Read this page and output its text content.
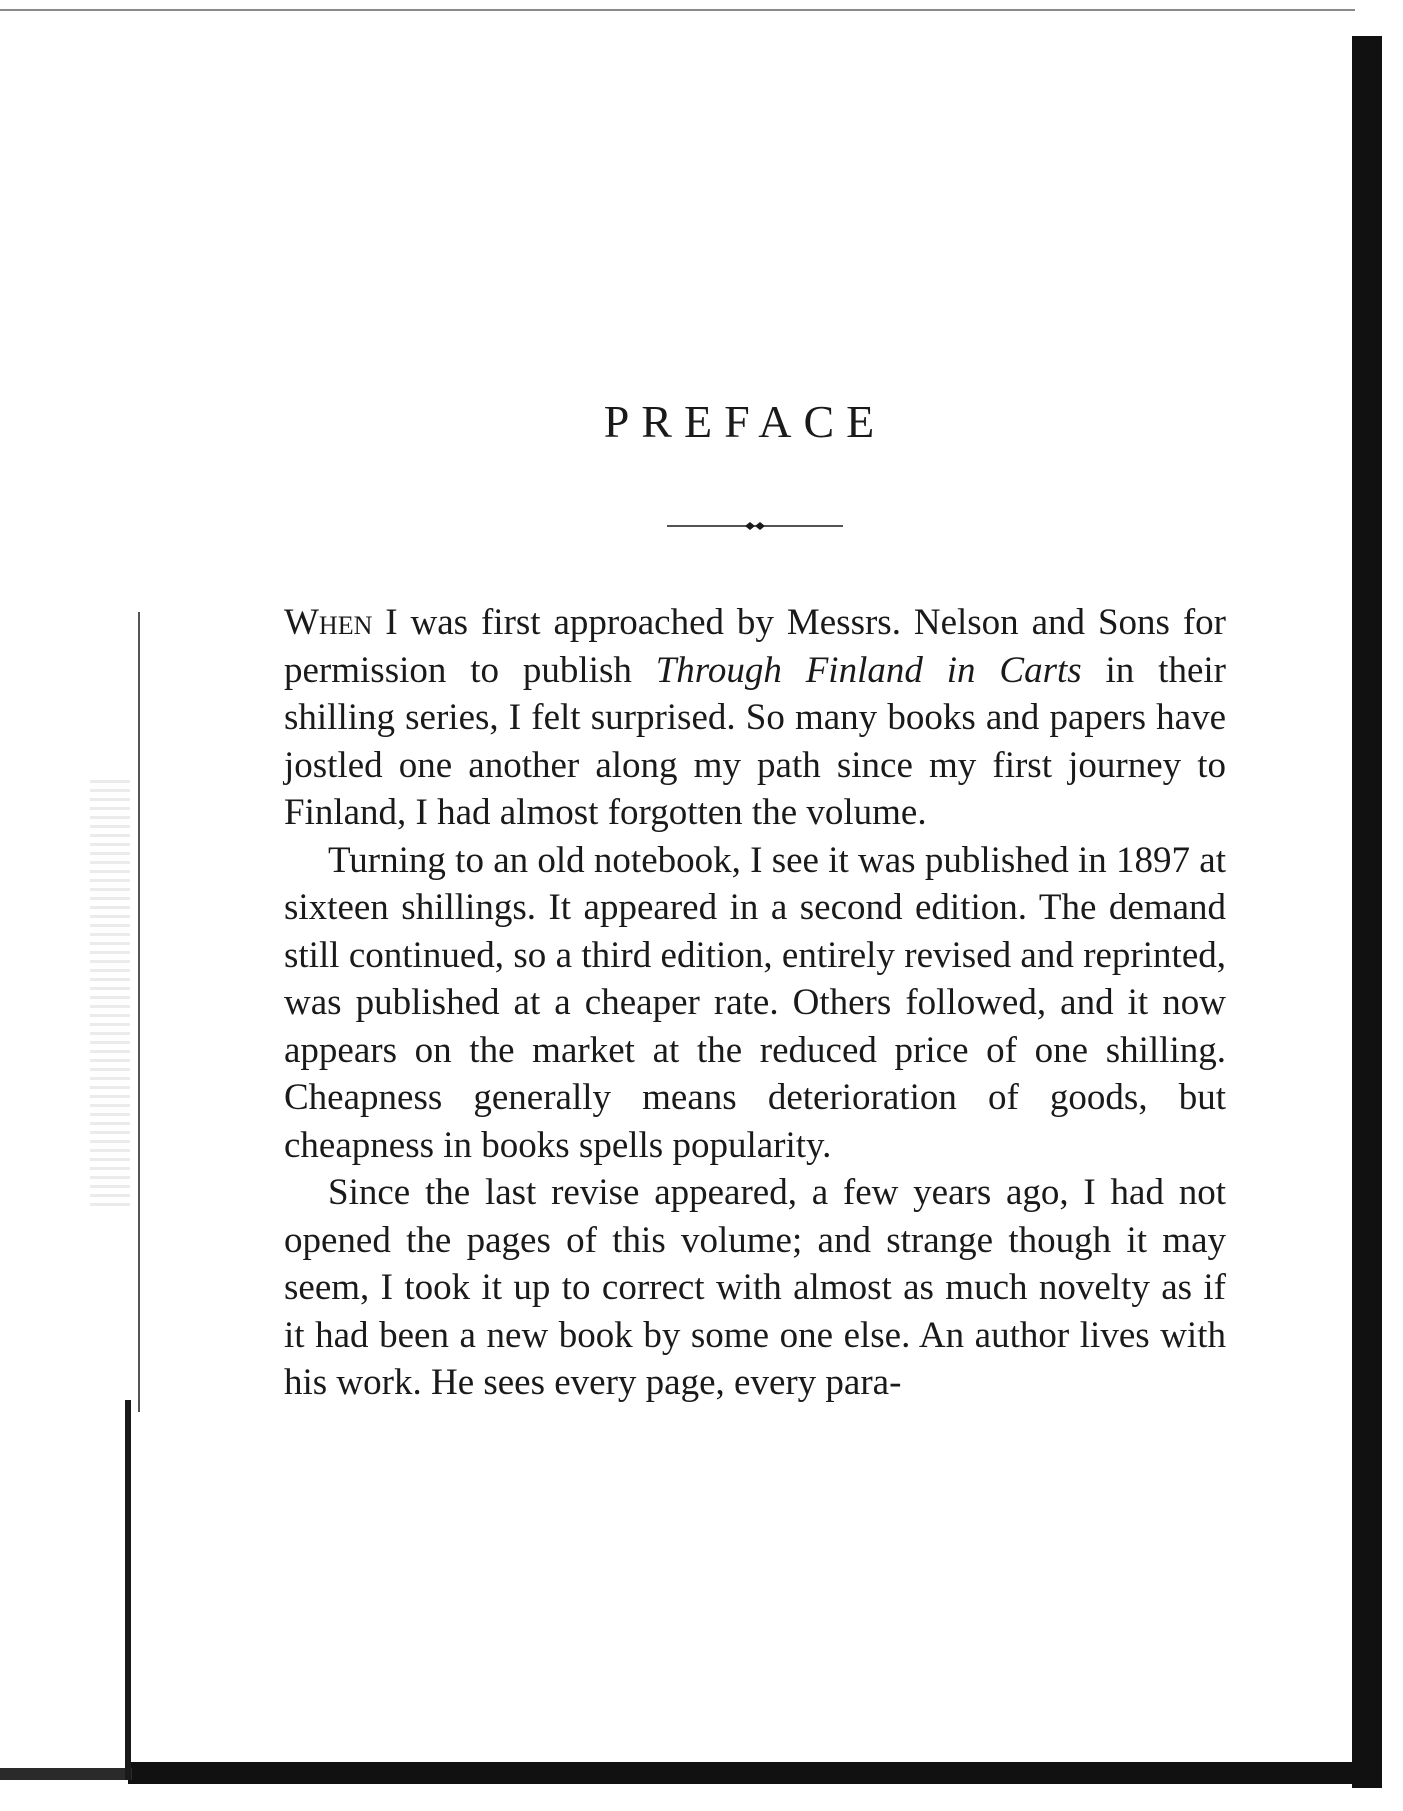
PREFACE

When I was first approached by Messrs. Nelson and Sons for permission to publish Through Finland in Carts in their shilling series, I felt surprised. So many books and papers have jostled one another along my path since my first journey to Finland, I had almost forgotten the volume.

Turning to an old notebook, I see it was published in 1897 at sixteen shillings. It appeared in a second edition. The demand still continued, so a third edition, entirely revised and reprinted, was published at a cheaper rate. Others followed, and it now appears on the market at the reduced price of one shilling. Cheapness generally means deterioration of goods, but cheapness in books spells popularity.

Since the last revise appeared, a few years ago, I had not opened the pages of this volume; and strange though it may seem, I took it up to correct with almost as much novelty as if it had been a new book by some one else. An author lives with his work. He sees every page, every para-
